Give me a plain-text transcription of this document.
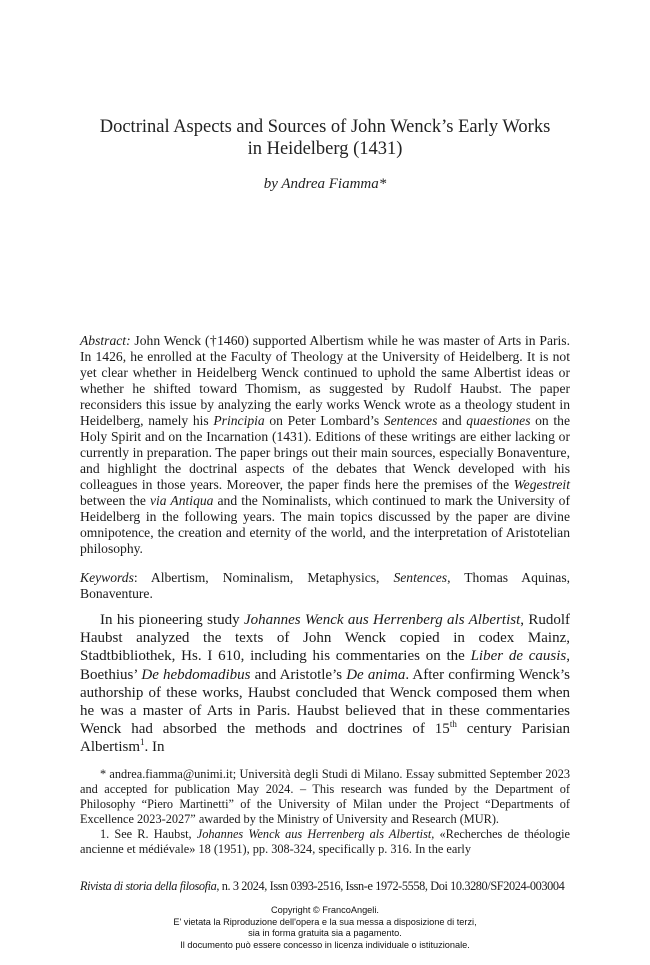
Doctrinal Aspects and Sources of John Wenck’s Early Works
in Heidelberg (1431)
by Andrea Fiamma*

Abstract: John Wenck (†1460) supported Albertism while he was master of Arts in Paris. In 1426, he enrolled at the Faculty of Theology at the University of Heidelberg. It is not yet clear whether in Heidelberg Wenck continued to uphold the same Albertist ideas or whether he shifted toward Thomism, as suggested by Rudolf Haubst. The paper reconsiders this issue by analyzing the early works Wenck wrote as a theology student in Heidelberg, namely his Principia on Peter Lombard’s Sentences and quaestiones on the Holy Spirit and on the Incarnation (1431). Editions of these writings are either lacking or currently in preparation. The paper brings out their main sources, especially Bonaventure, and highlight the doctrinal aspects of the debates that Wenck developed with his colleagues in those years. Moreover, the paper finds here the premises of the Wegestreit between the via Antiqua and the Nominalists, which continued to mark the University of Heidelberg in the following years. The main topics discussed by the paper are divine omnipotence, the creation and eternity of the world, and the interpretation of Aristotelian philosophy.

Keywords: Albertism, Nominalism, Metaphysics, Sentences, Thomas Aquinas, Bonaventure.

In his pioneering study Johannes Wenck aus Herrenberg als Albertist, Rudolf Haubst analyzed the texts of John Wenck copied in codex Mainz, Stadtbibliothek, Hs. I 610, including his commentaries on the Liber de causis, Boethius’ De hebdomadibus and Aristotle’s De anima. After confirming Wenck’s authorship of these works, Haubst concluded that Wenck composed them when he was a master of Arts in Paris. Haubst believed that in these commentaries Wenck had absorbed the methods and doctrines of 15th century Parisian Albertism$^1$. In

* andrea.fiamma@unimi.it; Università degli Studi di Milano. Essay submitted September 2023 and accepted for publication May 2024. – This research was funded by the Department of Philosophy “Piero Martinetti” of the University of Milan under the Project “Departments of Excellence 2023-2027” awarded by the Ministry of University and Research (MUR).

1. See R. Haubst, Johannes Wenck aus Herrenberg als Albertist, «Recherches de théologie ancienne et médiévale» 18 (1951), pp. 308-324, specifically p. 316. In the early

Rivista di storia della filosofia, n. 3 2024, Issn 0393-2516, Issn-e 1972-5558, Doi 10.3280/SF2024-003004
Copyright © FrancoAngeli.
E' vietata la Riproduzione dell'opera e la sua messa a disposizione di terzi,
sia in forma gratuita sia a pagamento.
Il documento può essere concesso in licenza individuale o istituzionale.
